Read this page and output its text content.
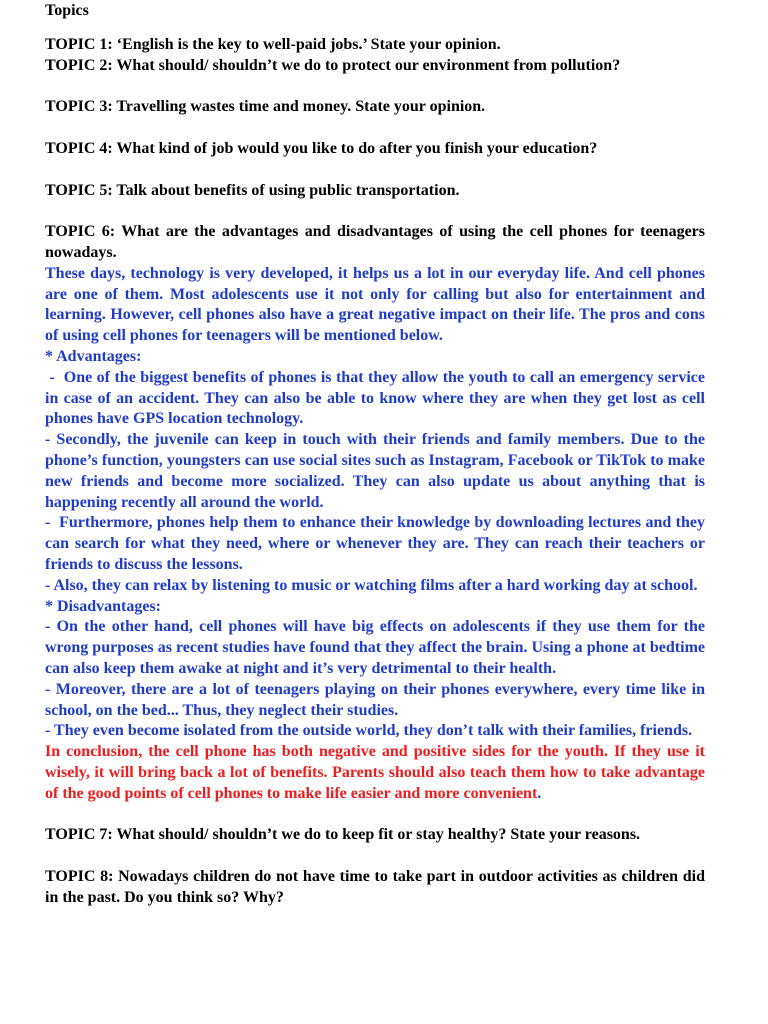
Topics

TOPIC 1: ‘English is the key to well-paid jobs.’ State your opinion.

TOPIC 2: What should/ shouldn’t we do to protect our environment from pollution?

TOPIC 3: Travelling wastes time and money. State your opinion.

TOPIC 4: What kind of job would you like to do after you finish your education?

TOPIC 5: Talk about benefits of using public transportation.

TOPIC 6: What are the advantages and disadvantages of using the cell phones for teenagers nowadays.

These days, technology is very developed, it helps us a lot in our everyday life. And cell phones are one of them. Most adolescents use it not only for calling but also for entertainment and learning. However, cell phones also have a great negative impact on their life. The pros and cons of using cell phones for teenagers will be mentioned below.

* Advantages:

-  One of the biggest benefits of phones is that they allow the youth to call an emergency service in case of an accident. They can also be able to know where they are when they get lost as cell phones have GPS location technology.

- Secondly, the juvenile can keep in touch with their friends and family members. Due to the phone’s function, youngsters can use social sites such as Instagram, Facebook or TikTok to make new friends and become more socialized. They can also update us about anything that is happening recently all around the world.

-  Furthermore, phones help them to enhance their knowledge by downloading lectures and they can search for what they need, where or whenever they are. They can reach their teachers or friends to discuss the lessons.

- Also, they can relax by listening to music or watching films after a hard working day at school.

* Disadvantages:

- On the other hand, cell phones will have big effects on adolescents if they use them for the wrong purposes as recent studies have found that they affect the brain. Using a phone at bedtime can also keep them awake at night and it’s very detrimental to their health.

- Moreover, there are a lot of teenagers playing on their phones everywhere, every time like in school, on the bed... Thus, they neglect their studies.

- They even become isolated from the outside world, they don’t talk with their families, friends.

In conclusion, the cell phone has both negative and positive sides for the youth. If they use it wisely, it will bring back a lot of benefits. Parents should also teach them how to take advantage of the good points of cell phones to make life easier and more convenient.

TOPIC 7: What should/ shouldn’t we do to keep fit or stay healthy? State your reasons.

TOPIC 8: Nowadays children do not have time to take part in outdoor activities as children did in the past. Do you think so? Why?
